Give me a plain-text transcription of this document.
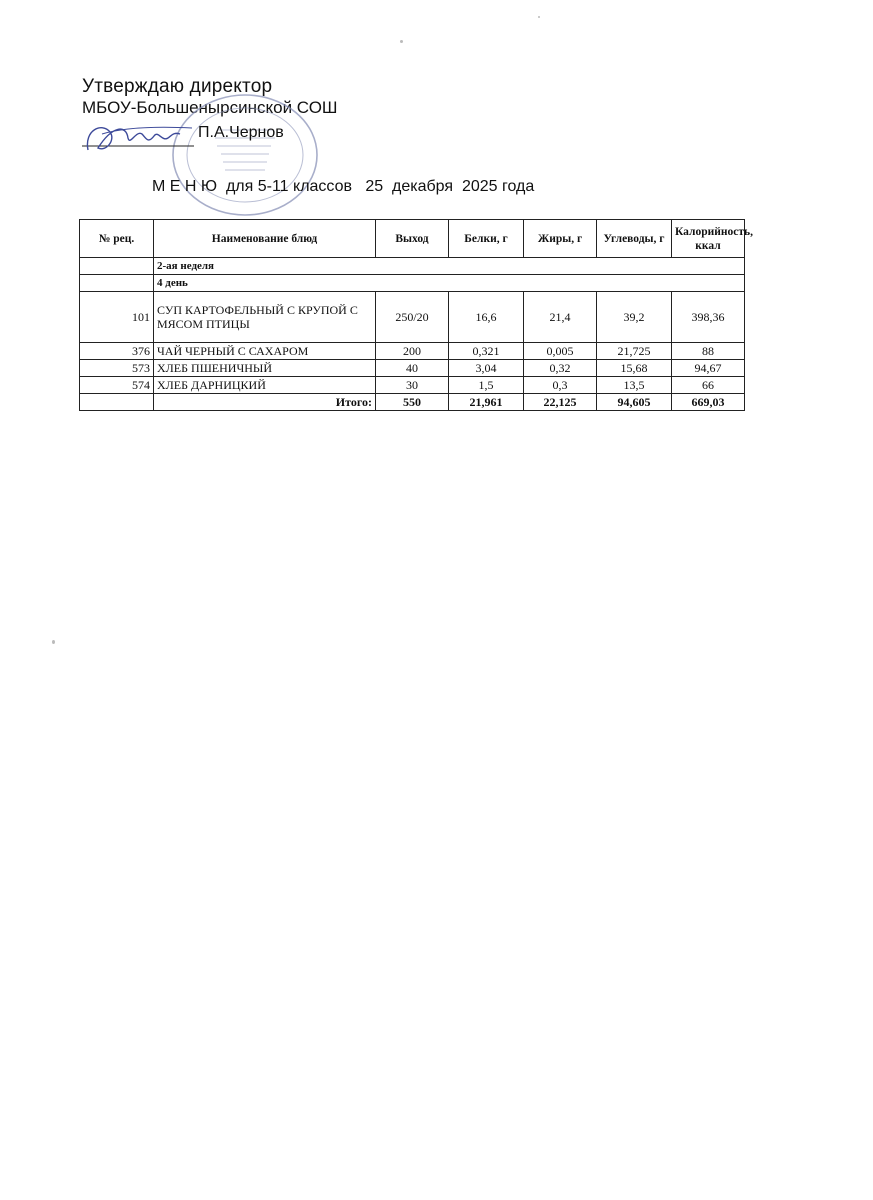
Утверждаю директор
МБОУ-Большенырсинской СОШ
П.А.Чернов
М Е Н Ю  для 5-11 классов   25  декабря  2025 года
№ рец.	Наименование блюд	Выход	Белки, г	Жиры, г	Углеводы, г	Калорийность, ккал
	2-ая неделя					
	4 день					
101	СУП КАРТОФЕЛЬНЫЙ С КРУПОЙ С МЯСОМ ПТИЦЫ	250/20	16,6	21,4	39,2	398,36
376	ЧАЙ ЧЕРНЫЙ С САХАРОМ	200	0,321	0,005	21,725	88
573	ХЛЕБ ПШЕНИЧНЫЙ	40	3,04	0,32	15,68	94,67
574	ХЛЕБ ДАРНИЦКИЙ	30	1,5	0,3	13,5	66
	Итого:	550	21,961	22,125	94,605	669,03
